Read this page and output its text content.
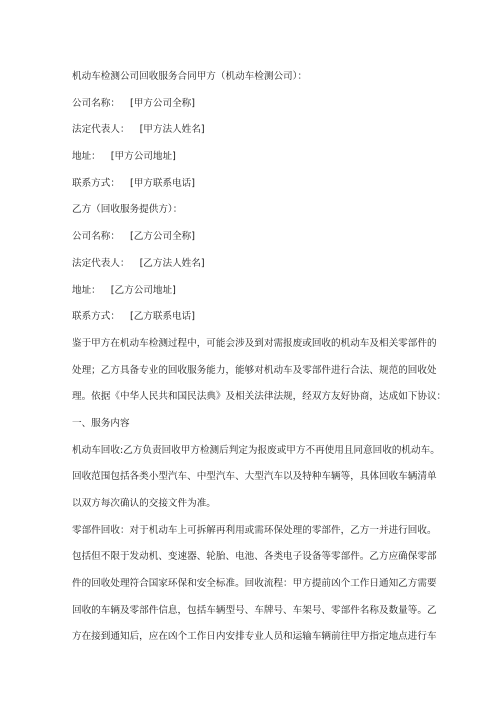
机动车检测公司回收服务合同甲方（机动车检测公司）：
公司名称： [甲方公司全称]
法定代表人： [甲方法人姓名]
地址： [甲方公司地址]
联系方式： [甲方联系电话]
乙方（回收服务提供方）：
公司名称： [乙方公司全称]
法定代表人： [乙方法人姓名]
地址： [乙方公司地址]
联系方式： [乙方联系电话]
鉴于甲方在机动车检测过程中，可能会涉及到对需报废或回收的机动车及相关零部件的
处理；乙方具备专业的回收服务能力，能够对机动车及零部件进行合法、规范的回收处
理。依据《中华人民共和国民法典》及相关法律法规，经双方友好协商，达成如下协议：
一、服务内容
机动车回收:乙方负责回收甲方检测后判定为报废或甲方不再使用且同意回收的机动车。
回收范围包括各类小型汽车、中型汽车、大型汽车以及特种车辆等，具体回收车辆清单
以双方每次确认的交接文件为准。
零部件回收：对于机动车上可拆解再利用或需环保处理的零部件，乙方一并进行回收。
包括但不限于发动机、变速器、轮胎、电池、各类电子设备等零部件。乙方应确保零部
件的回收处理符合国家环保和安全标准。回收流程：甲方提前凶个工作日通知乙方需要
回收的车辆及零部件信息，包括车辆型号、车牌号、车架号、零部件名称及数量等。乙
方在接到通知后，应在凶个工作日内安排专业人员和运输车辆前往甲方指定地点进行车
